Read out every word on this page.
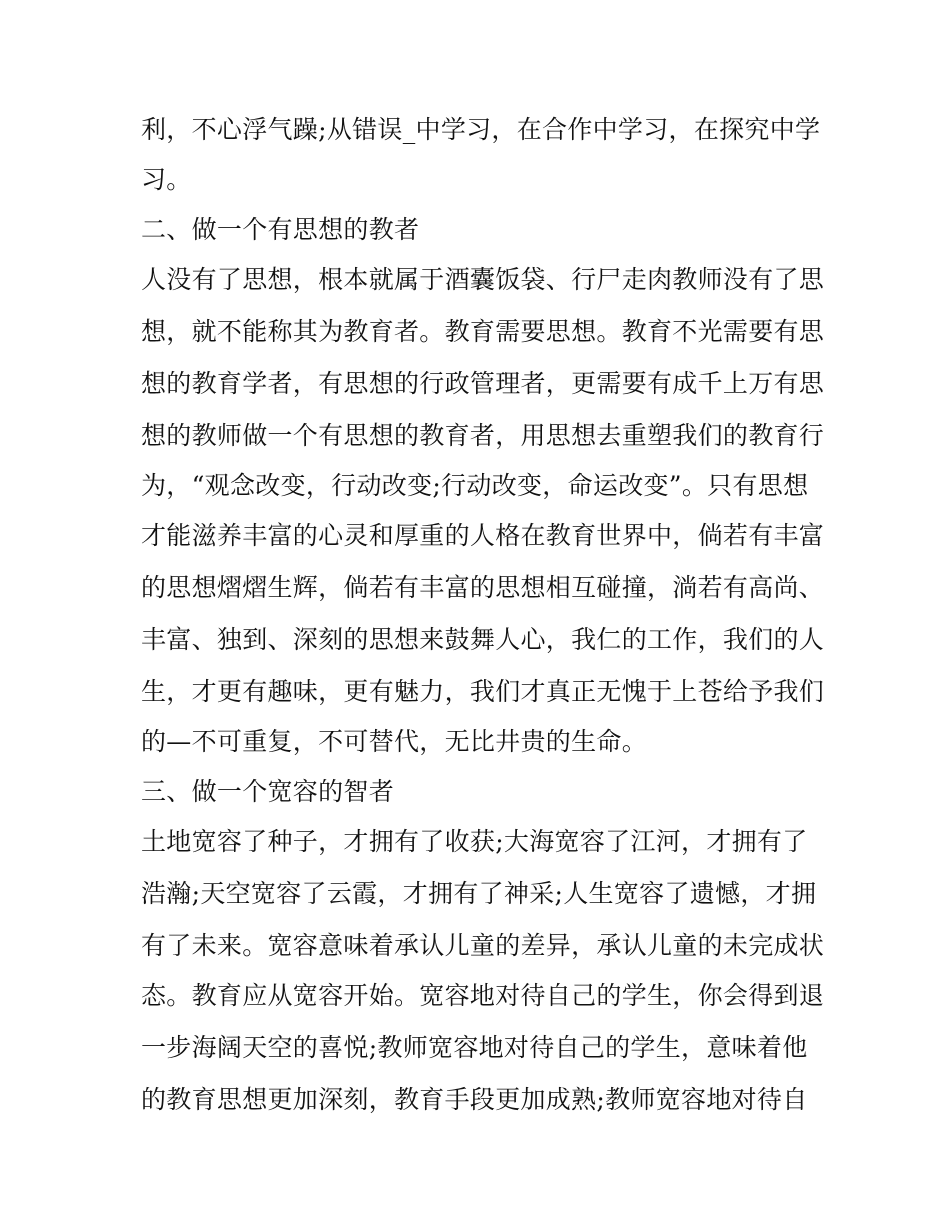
利，不心浮气躁;从错误_中学习，在合作中学习，在探究中学
习。
二、做一个有思想的教者
人没有了思想，根本就属于酒囊饭袋、行尸走肉教师没有了思
想，就不能称其为教育者。教育需要思想。教育不光需要有思
想的教育学者，有思想的行政管理者，更需要有成千上万有思
想的教师做一个有思想的教育者，用思想去重塑我们的教育行
为，“观念改变，行动改变;行动改变，命运改变”。只有思想
才能滋养丰富的心灵和厚重的人格在教育世界中，倘若有丰富
的思想熠熠生辉，倘若有丰富的思想相互碰撞，淌若有高尚、
丰富、独到、深刻的思想来鼓舞人心，我仁的工作，我们的人
生，才更有趣味，更有魅力，我们才真正无愧于上苍给予我们
的—不可重复，不可替代，无比井贵的生命。
三、做一个宽容的智者
土地宽容了种子，才拥有了收获;大海宽容了江河，才拥有了
浩瀚;天空宽容了云霞，才拥有了神采;人生宽容了遗憾，才拥
有了未来。宽容意味着承认儿童的差异，承认儿童的未完成状
态。教育应从宽容开始。宽容地对待自己的学生，你会得到退
一步海阔天空的喜悦;教师宽容地对待自己的学生，意味着他
的教育思想更加深刻，教育手段更加成熟;教师宽容地对待自
